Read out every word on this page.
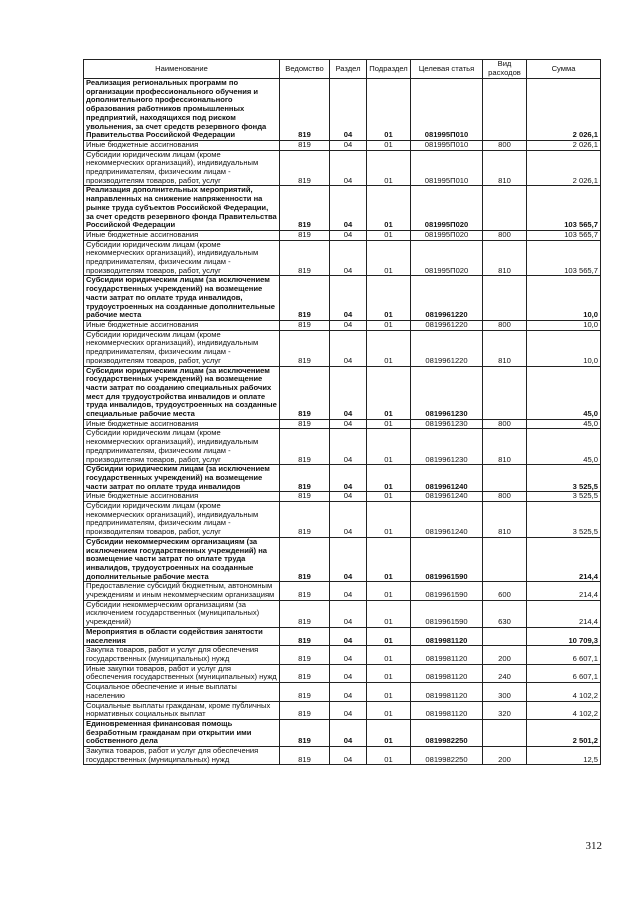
Наименование	Ведомство	Раздел	Подраздел	Целевая статья	Вид расходов	Сумма
Реализация региональных программ по организации профессионального обучения и дополнительного профессионального образования работников промышленных предприятий, находящихся под риском увольнения, за счет средств резервного фонда Правительства Российской Федерации	819	04	01	081995П010		2 026,1
Иные бюджетные ассигнования	819	04	01	081995П010	800	2 026,1
Субсидии юридическим лицам (кроме некоммерческих организаций), индивидуальным предпринимателям, физическим лицам - производителям товаров, работ, услуг	819	04	01	081995П010	810	2 026,1
Реализация дополнительных мероприятий, направленных на снижение напряженности на рынке труда субъектов Российской Федерации, за счет средств резервного фонда Правительства Российской Федерации	819	04	01	081995П020		103 565,7
Иные бюджетные ассигнования	819	04	01	081995П020	800	103 565,7
Субсидии юридическим лицам (кроме некоммерческих организаций), индивидуальным предпринимателям, физическим лицам - производителям товаров, работ, услуг	819	04	01	081995П020	810	103 565,7
Субсидии юридическим лицам (за исключением государственных учреждений) на возмещение части затрат по оплате труда инвалидов, трудоустроенных на созданные дополнительные рабочие места	819	04	01	0819961220		10,0
Иные бюджетные ассигнования	819	04	01	0819961220	800	10,0
Субсидии юридическим лицам (кроме некоммерческих организаций), индивидуальным предпринимателям, физическим лицам - производителям товаров, работ, услуг	819	04	01	0819961220	810	10,0
Субсидии юридическим лицам (за исключением государственных учреждений) на возмещение части затрат по созданию специальных рабочих мест для трудоустройства инвалидов и оплате труда инвалидов, трудоустроенных на созданные специальные рабочие места	819	04	01	0819961230		45,0
Иные бюджетные ассигнования	819	04	01	0819961230	800	45,0
Субсидии юридическим лицам (кроме некоммерческих организаций), индивидуальным предпринимателям, физическим лицам - производителям товаров, работ, услуг	819	04	01	0819961230	810	45,0
Субсидии юридическим лицам (за исключением государственных учреждений) на возмещение части затрат по оплате труда инвалидов	819	04	01	0819961240		3 525,5
Иные бюджетные ассигнования	819	04	01	0819961240	800	3 525,5
Субсидии юридическим лицам (кроме некоммерческих организаций), индивидуальным предпринимателям, физическим лицам - производителям товаров, работ, услуг	819	04	01	0819961240	810	3 525,5
Субсидии некоммерческим организациям (за исключением государственных учреждений) на возмещение части затрат по оплате труда инвалидов, трудоустроенных на созданные дополнительные рабочие места	819	04	01	0819961590		214,4
Предоставление субсидий бюджетным, автономным учреждениям и иным некоммерческим организациям	819	04	01	0819961590	600	214,4
Субсидии некоммерческим организациям (за исключением государственных (муниципальных) учреждений)	819	04	01	0819961590	630	214,4
Мероприятия в области содействия занятости населения	819	04	01	0819981120		10 709,3
Закупка товаров, работ и услуг для обеспечения государственных (муниципальных) нужд	819	04	01	0819981120	200	6 607,1
Иные закупки товаров, работ и услуг для обеспечения государственных (муниципальных) нужд	819	04	01	0819981120	240	6 607,1
Социальное обеспечение и иные выплаты населению	819	04	01	0819981120	300	4 102,2
Социальные выплаты гражданам, кроме публичных нормативных социальных выплат	819	04	01	0819981120	320	4 102,2
Единовременная финансовая помощь безработным гражданам при открытии ими собственного дела	819	04	01	0819982250		2 501,2
Закупка товаров, работ и услуг для обеспечения государственных (муниципальных) нужд	819	04	01	0819982250	200	12,5
312
